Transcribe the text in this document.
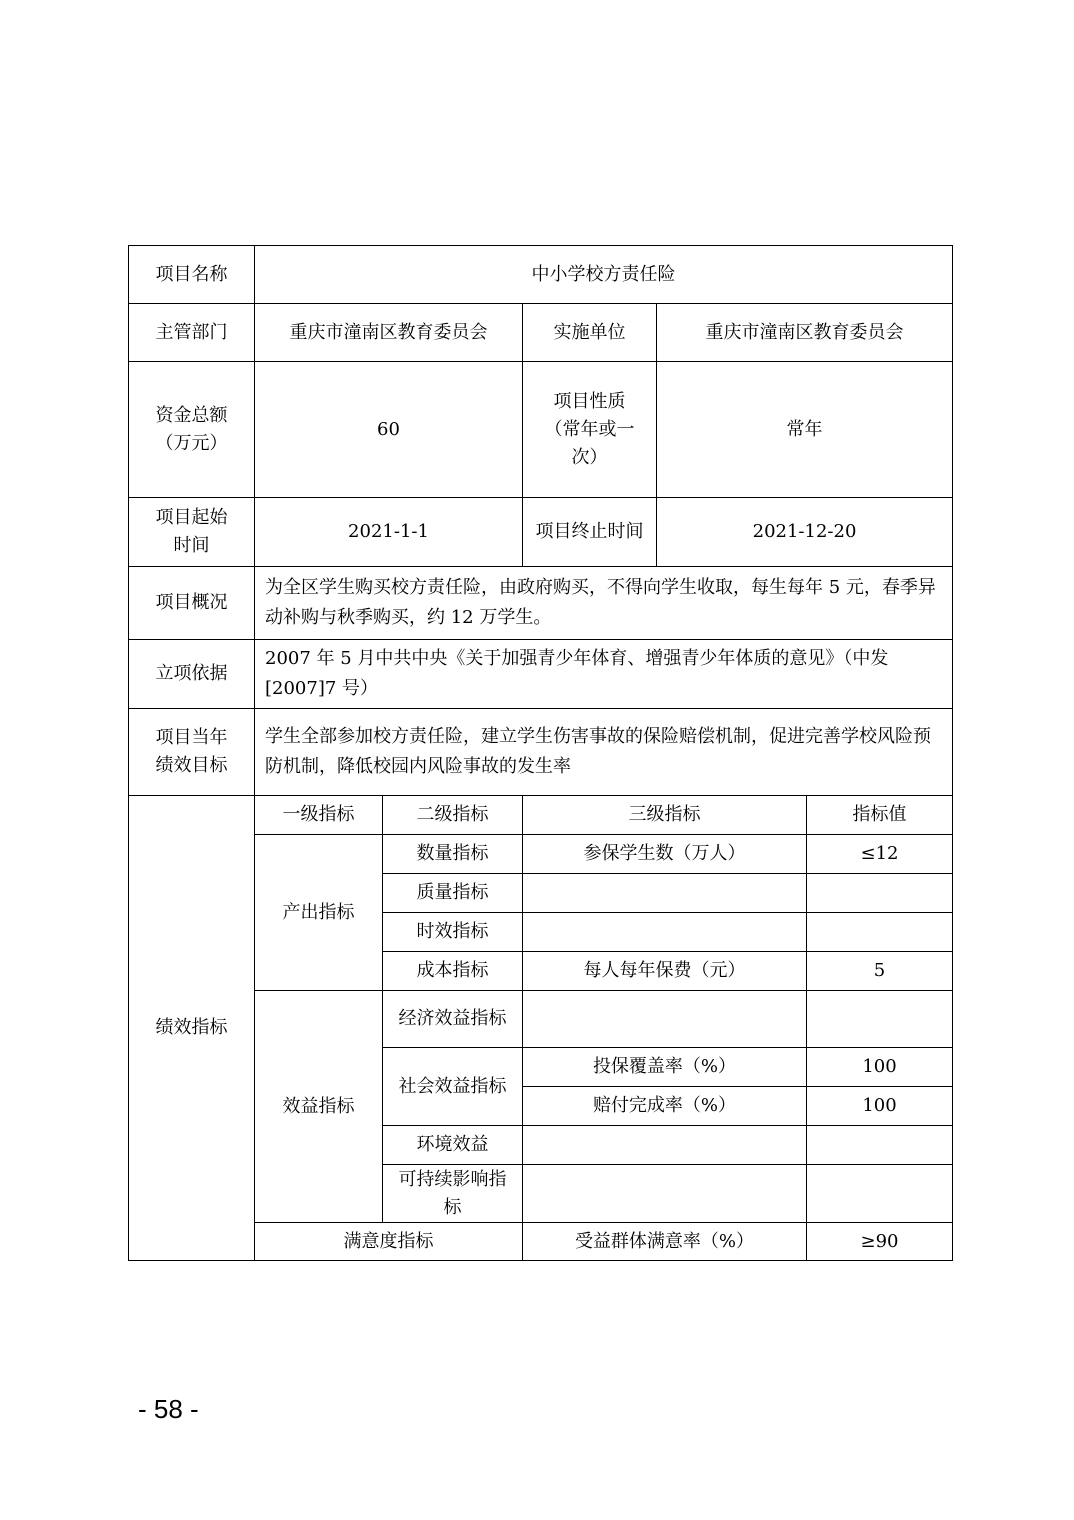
项目名称	中小学校方责任险				
主管部门	重庆市潼南区教育委员会		实施单位	重庆市潼南区教育委员会	
资金总额（万元）	60		项目性质（常年或一次）	常年	
项目起始时间	2021-1-1		项目终止时间	2021-12-20	
项目概况	为全区学生购买校方责任险，由政府购买，不得向学生收取，每生每年 5 元，春季异动补购与秋季购买，约 12 万学生。				
立项依据	2007 年 5 月中共中央《关于加强青少年体育、增强青少年体质的意见》（中发[2007]7 号）				
项目当年绩效目标	学生全部参加校方责任险，建立学生伤害事故的保险赔偿机制，促进完善学校风险预防机制，降低校园内风险事故的发生率				
绩效指标	一级指标	二级指标	三级指标		指标值
	产出指标	数量指标	参保学生数（万人）		≤12
		质量指标			
		时效指标			
		成本指标	每人每年保费（元）		5
	效益指标	经济效益指标			
		社会效益指标	投保覆盖率（%）		100
			赔付完成率（%）		100
		环境效益			
		可持续影响指标			
	满意度指标		受益群体满意率（%）		≥90
- 58 -
